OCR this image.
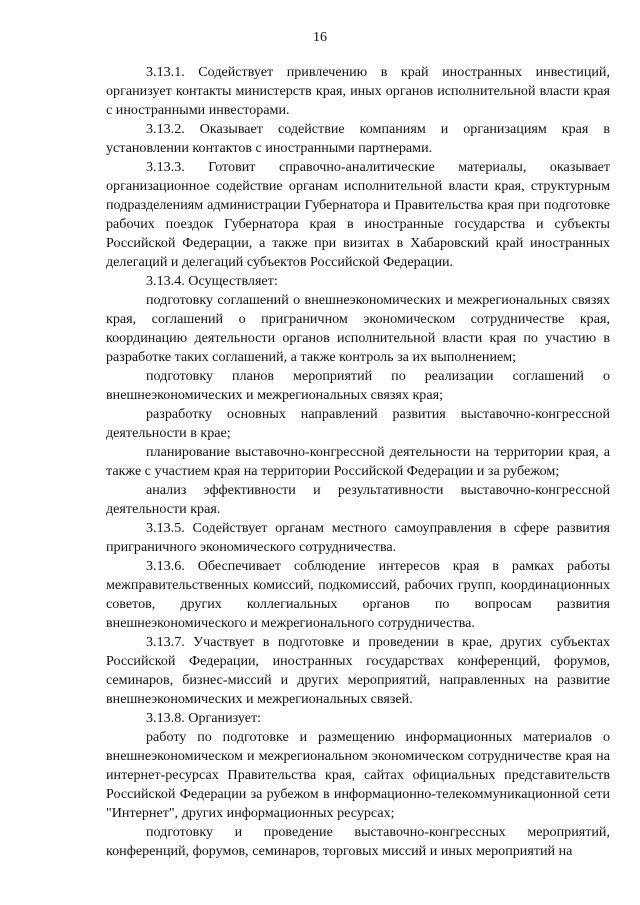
16

3.13.1. Содействует привлечению в край иностранных инвестиций, организует контакты министерств края, иных органов исполнительной власти края с иностранными инвесторами.

3.13.2. Оказывает содействие компаниям и организациям края в установлении контактов с иностранными партнерами.

3.13.3. Готовит справочно-аналитические материалы, оказывает организационное содействие органам исполнительной власти края, структурным подразделениям администрации Губернатора и Правительства края при подготовке рабочих поездок Губернатора края в иностранные государства и субъекты Российской Федерации, а также при визитах в Хабаровский край иностранных делегаций и делегаций субъектов Российской Федерации.

3.13.4. Осуществляет:

подготовку соглашений о внешнеэкономических и межрегиональных связях края, соглашений о приграничном экономическом сотрудничестве края, координацию деятельности органов исполнительной власти края по участию в разработке таких соглашений, а также контроль за их выполнением;

подготовку планов мероприятий по реализации соглашений о внешнеэкономических и межрегиональных связях края;

разработку основных направлений развития выставочно-конгрессной деятельности в крае;

планирование выставочно-конгрессной деятельности на территории края, а также с участием края на территории Российской Федерации и за рубежом;

анализ эффективности и результативности выставочно-конгрессной деятельности края.

3.13.5. Содействует органам местного самоуправления в сфере развития приграничного экономического сотрудничества.

3.13.6. Обеспечивает соблюдение интересов края в рамках работы межправительственных комиссий, подкомиссий, рабочих групп, координационных советов, других коллегиальных органов по вопросам развития внешнеэкономического и межрегионального сотрудничества.

3.13.7. Участвует в подготовке и проведении в крае, других субъектах Российской Федерации, иностранных государствах конференций, форумов, семинаров, бизнес-миссий и других мероприятий, направленных на развитие внешнеэкономических и межрегиональных связей.

3.13.8. Организует:

работу по подготовке и размещению информационных материалов о внешнеэкономическом и межрегиональном экономическом сотрудничестве края на интернет-ресурсах Правительства края, сайтах официальных представительств Российской Федерации за рубежом в информационно-телекоммуникационной сети "Интернет", других информационных ресурсах;

подготовку и проведение выставочно-конгрессных мероприятий, конференций, форумов, семинаров, торговых миссий и иных мероприятий на
